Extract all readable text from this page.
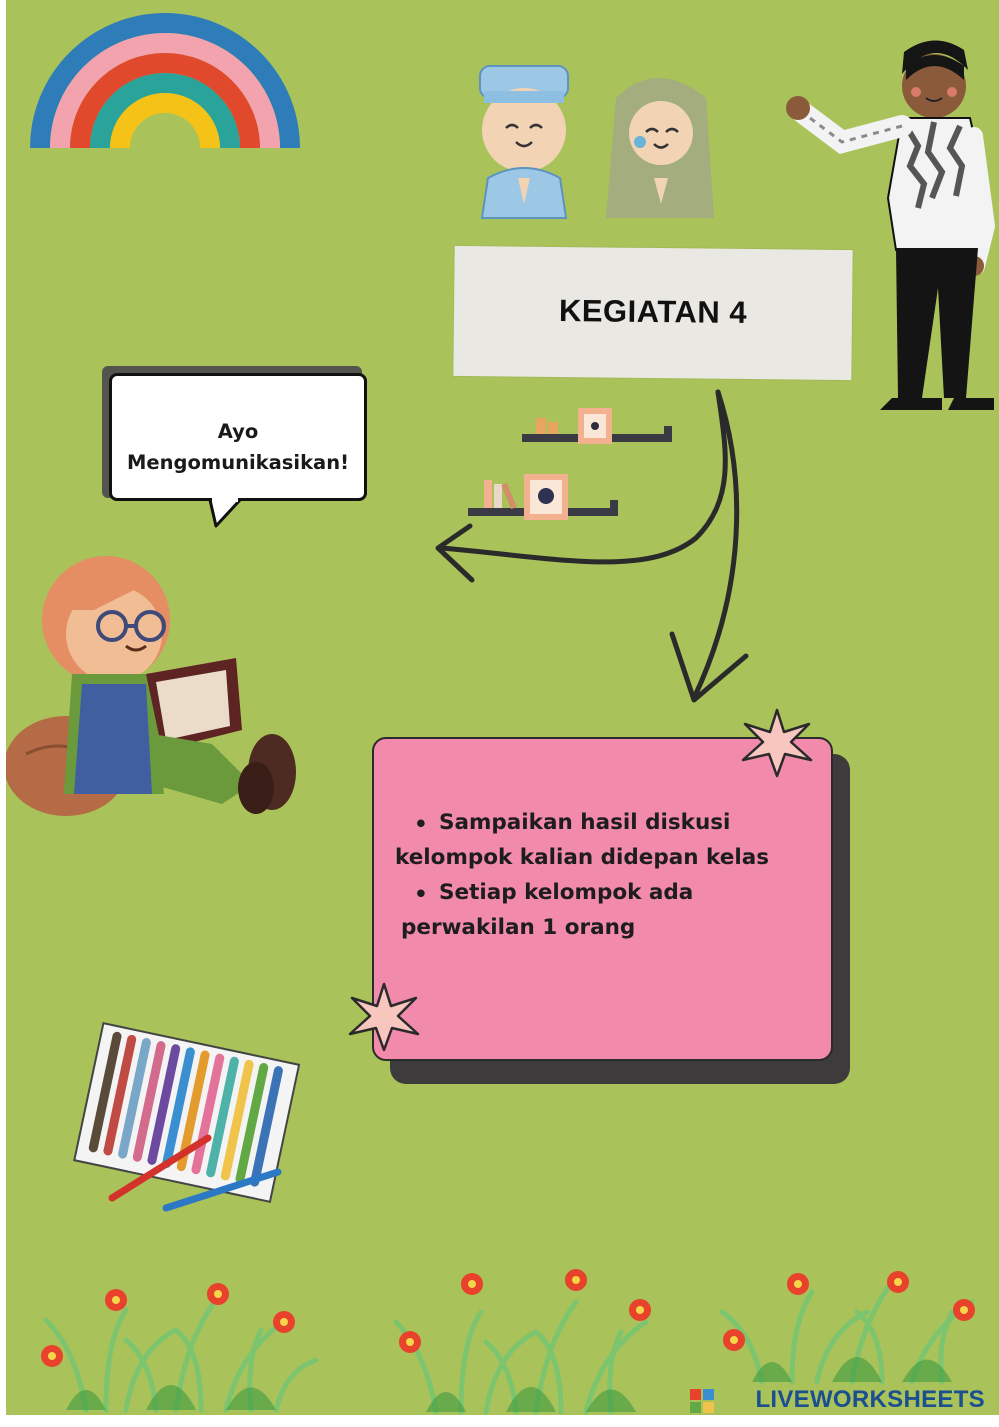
KEGIATAN 4
Ayo
Mengomunikasikan!
• Sampaikan hasil diskusi
kelompok kalian didepan kelas
• Setiap kelompok ada
perwakilan 1 orang
LIVEWORKSHEETS
